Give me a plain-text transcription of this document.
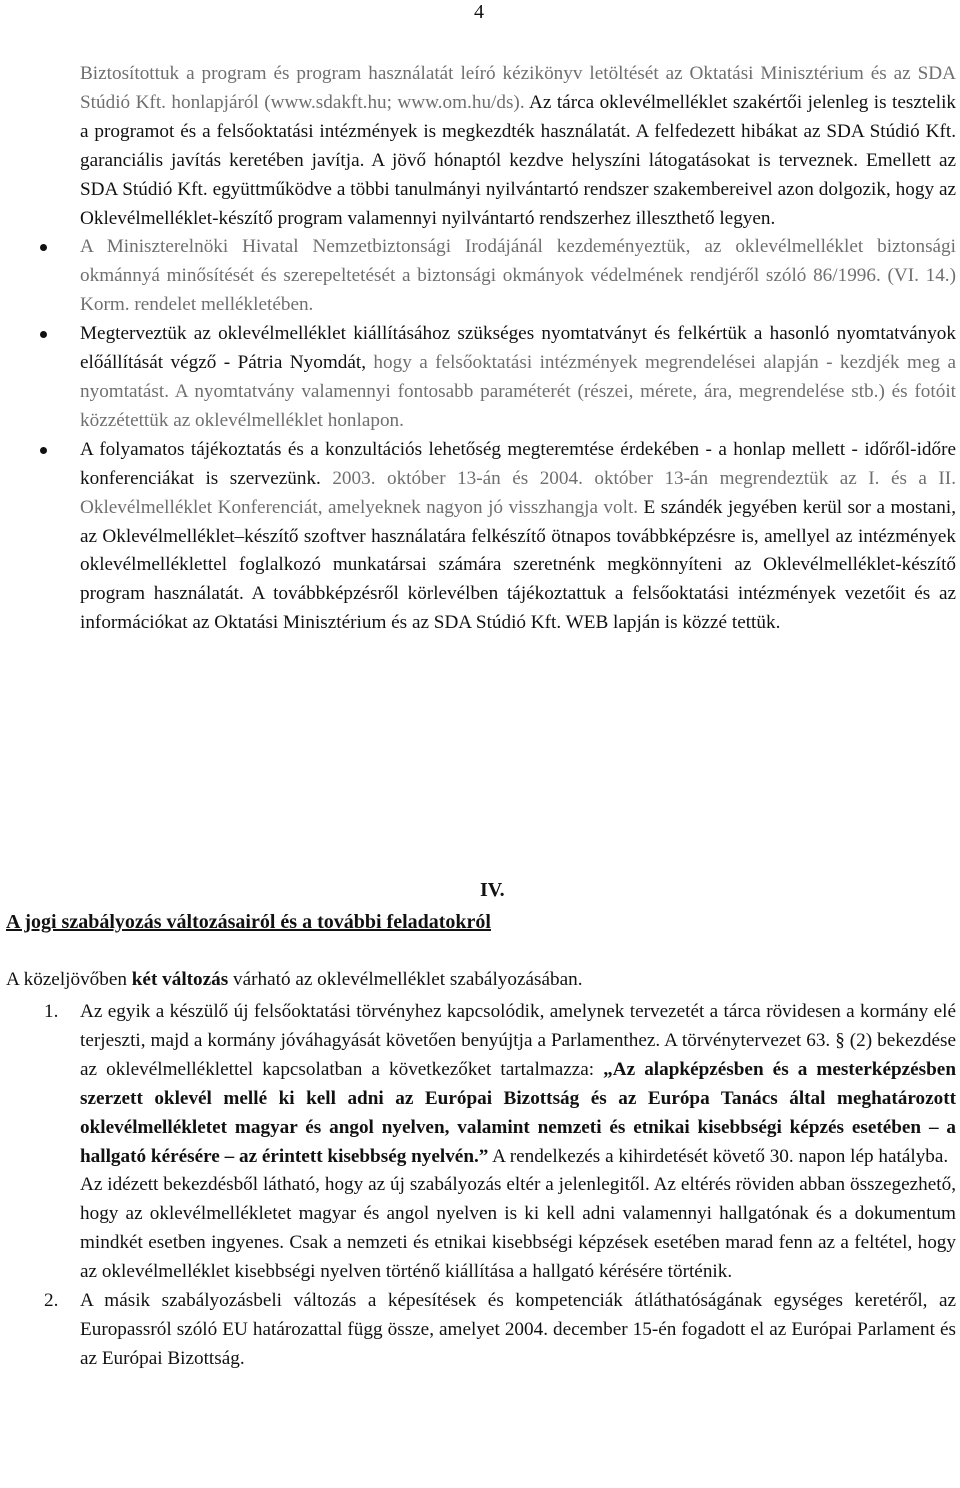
4

Biztosítottuk a program és program használatát leíró kézikönyv letöltését az Oktatási Minisztérium és az SDA Stúdió Kft. honlapjáról (www.sdakft.hu; www.om.hu/ds). Az tárca oklevélmelléklet szakértői jelenleg is tesztelik a programot és a felsőoktatási intézmények is megkezdték használatát. A felfedezett hibákat az SDA Stúdió Kft. garanciális javítás keretében javítja. A jövő hónaptól kezdve helyszíni látogatásokat is terveznek. Emellett az SDA Stúdió Kft. együttműködve a többi tanulmányi nyilvántartó rendszer szakembereivel azon dolgozik, hogy az Oklevélmelléklet-készítő program valamennyi nyilvántartó rendszerhez illeszthető legyen.

A Miniszterelnöki Hivatal Nemzetbiztonsági Irodájánál kezdeményeztük, az oklevélmelléklet biztonsági okmánnyá minősítését és szerepeltetését a biztonsági okmányok védelmének rendjéről szóló 86/1996. (VI. 14.) Korm. rendelet mellékletében.
Megterveztük az oklevélmelléklet kiállításához szükséges nyomtatványt és felkértük a hasonló nyomtatványok előállítását végző - Pátria Nyomdát, hogy a felsőoktatási intézmények megrendelései alapján - kezdjék meg a nyomtatást. A nyomtatvány valamennyi fontosabb paraméterét (részei, mérete, ára, megrendelése stb.) és fotóit közzétettük az oklevélmelléklet honlapon.
A folyamatos tájékoztatás és a konzultációs lehetőség megteremtése érdekében - a honlap mellett - időről-időre konferenciákat is szervezünk. 2003. október 13-án és 2004. október 13-án megrendeztük az I. és a II. Oklevélmelléklet Konferenciát, amelyeknek nagyon jó visszhangja volt. E szándék jegyében kerül sor a mostani, az Oklevélmelléklet–készítő szoftver használatára felkészítő ötnapos továbbképzésre is, amellyel az intézmények oklevélmelléklettel foglalkozó munkatársai számára szeretnénk megkönnyíteni az Oklevélmelléklet-készítő program használatát. A továbbképzésről körlevélben tájékoztattuk a felsőoktatási intézmények vezetőit és az információkat az Oktatási Minisztérium és az SDA Stúdió Kft. WEB lapján is közzé tettük.
IV.
A jogi szabályozás változásairól és a további feladatokról

A közeljövőben két változás várható az oklevélmelléklet szabályozásában.

1. Az egyik a készülő új felsőoktatási törvényhez kapcsolódik, amelynek tervezetét a tárca rövidesen a kormány elé terjeszti, majd a kormány jóváhagyását követően benyújtja a Parlamenthez. A törvénytervezet 63. § (2) bekezdése az oklevélmelléklettel kapcsolatban a következőket tartalmazza: „Az alapképzésben és a mesterképzésben szerzett oklevél mellé ki kell adni az Európai Bizottság és az Európa Tanács által meghatározott oklevélmellékletet magyar és angol nyelven, valamint nemzeti és etnikai kisebbségi képzés esetében – a hallgató kérésére – az érintett kisebbség nyelvén.” A rendelkezés a kihirdetését követő 30. napon lép hatályba.

Az idézett bekezdésből látható, hogy az új szabályozás eltér a jelenlegitől. Az eltérés röviden abban összegezhető, hogy az oklevélmellékletet magyar és angol nyelven is ki kell adni valamennyi hallgatónak és a dokumentum mindkét esetben ingyenes. Csak a nemzeti és etnikai kisebbségi képzések esetében marad fenn az a feltétel, hogy az oklevélmelléklet kisebbségi nyelven történő kiállítása a hallgató kérésére történik.

2. A másik szabályozásbeli változás a képesítések és kompetenciák átláthatóságának egységes keretéről, az Europassról szóló EU határozattal függ össze, amelyet 2004. december 15-én fogadott el az Európai Parlament és az Európai Bizottság.
